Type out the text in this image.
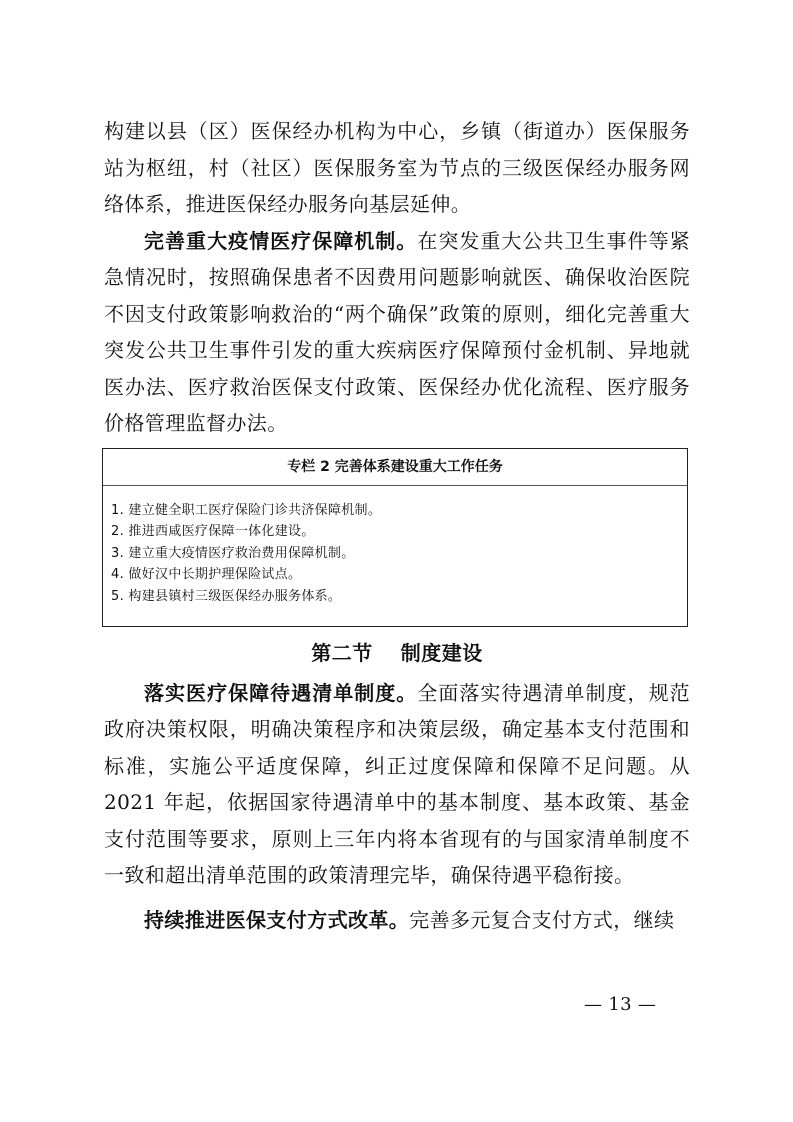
构建以县（区）医保经办机构为中心，乡镇（街道办）医保服务站为枢纽，村（社区）医保服务室为节点的三级医保经办服务网络体系，推进医保经办服务向基层延伸。

完善重大疫情医疗保障机制。在突发重大公共卫生事件等紧急情况时，按照确保患者不因费用问题影响就医、确保收治医院不因支付政策影响救治的“两个确保”政策的原则，细化完善重大突发公共卫生事件引发的重大疾病医疗保障预付金机制、异地就医办法、医疗救治医保支付政策、医保经办优化流程、医疗服务价格管理监督办法。

专栏 2 完善体系建设重大工作任务

1. 建立健全职工医疗保险门诊共济保障机制。

2. 推进西咸医疗保障一体化建设。

3. 建立重大疫情医疗救治费用保障机制。

4. 做好汉中长期护理保险试点。

5. 构建县镇村三级医保经办服务体系。

第二节 制度建设

落实医疗保障待遇清单制度。全面落实待遇清单制度，规范政府决策权限，明确决策程序和决策层级，确定基本支付范围和标准，实施公平适度保障，纠正过度保障和保障不足问题。从 2021 年起，依据国家待遇清单中的基本制度、基本政策、基金支付范围等要求，原则上三年内将本省现有的与国家清单制度不一致和超出清单范围的政策清理完毕，确保待遇平稳衔接。

持续推进医保支付方式改革。完善多元复合支付方式，继续

— 13 —
